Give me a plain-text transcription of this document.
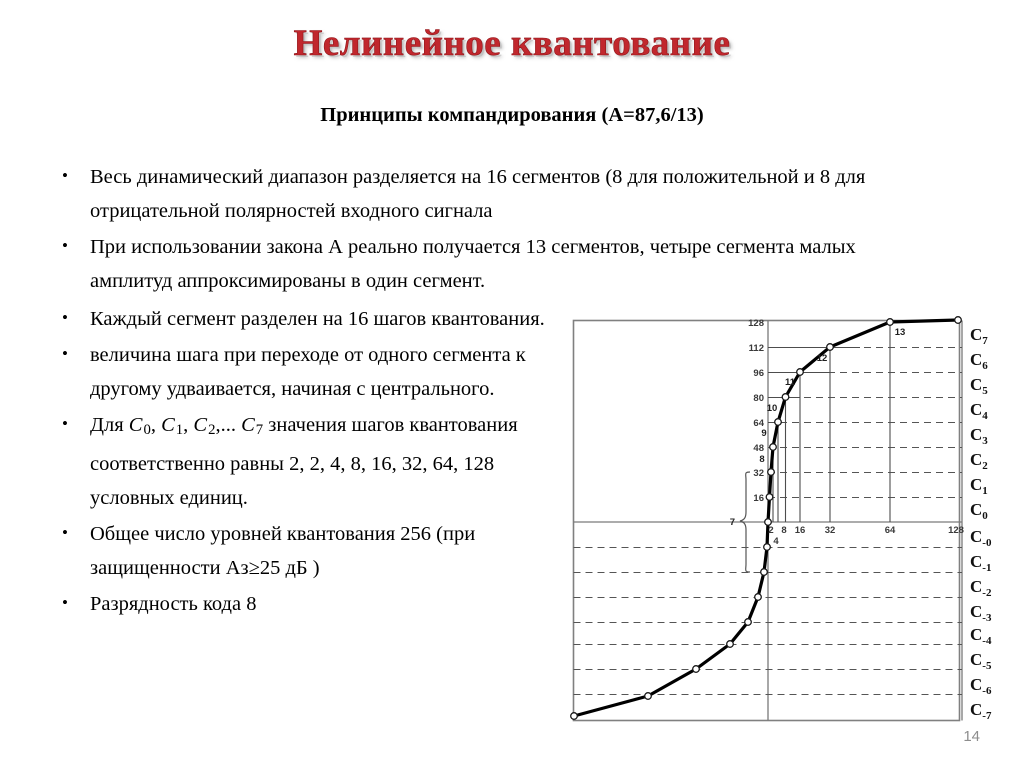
Нелинейное квантование
Принципы компандирования (А=87,6/13)
• Весь динамический диапазон разделяется на 16 сегментов (8 для положительной и 8 для отрицательной полярностей входного сигнала
• При использовании закона А реально получается 13 сегментов, четыре сегмента малых амплитуд аппроксимированы в один сегмент.
• Каждый сегмент разделен на 16 шагов квантования.
• величина шага при переходе от одного сегмента к другому удваивается, начиная с центрального.
• Для $C_0$, $C_1$, $C_2$,... $C_7$ значения шагов квантования соответственно равны 2, 2, 4, 8, 16, 32, 64, 128 условных единиц.
• Общее число уровней квантования 256 (при защищенности Аз≥25 дБ )
• Разрядность кода 8
128
112
96
80
64
48
32
16
2
4
8 16 32	64	128
8
9
10
11
12
13
7
$C_7$
$C_6$
$C_5$
$C_4$
$C_3$
$C_2$
$C_1$
$C_0$
$C_{-0}$
$C_{-1}$
$C_{-2}$
$C_{-3}$
$C_{-4}$
$C_{-5}$
$C_{-6}$
$C_{-7}$
14
